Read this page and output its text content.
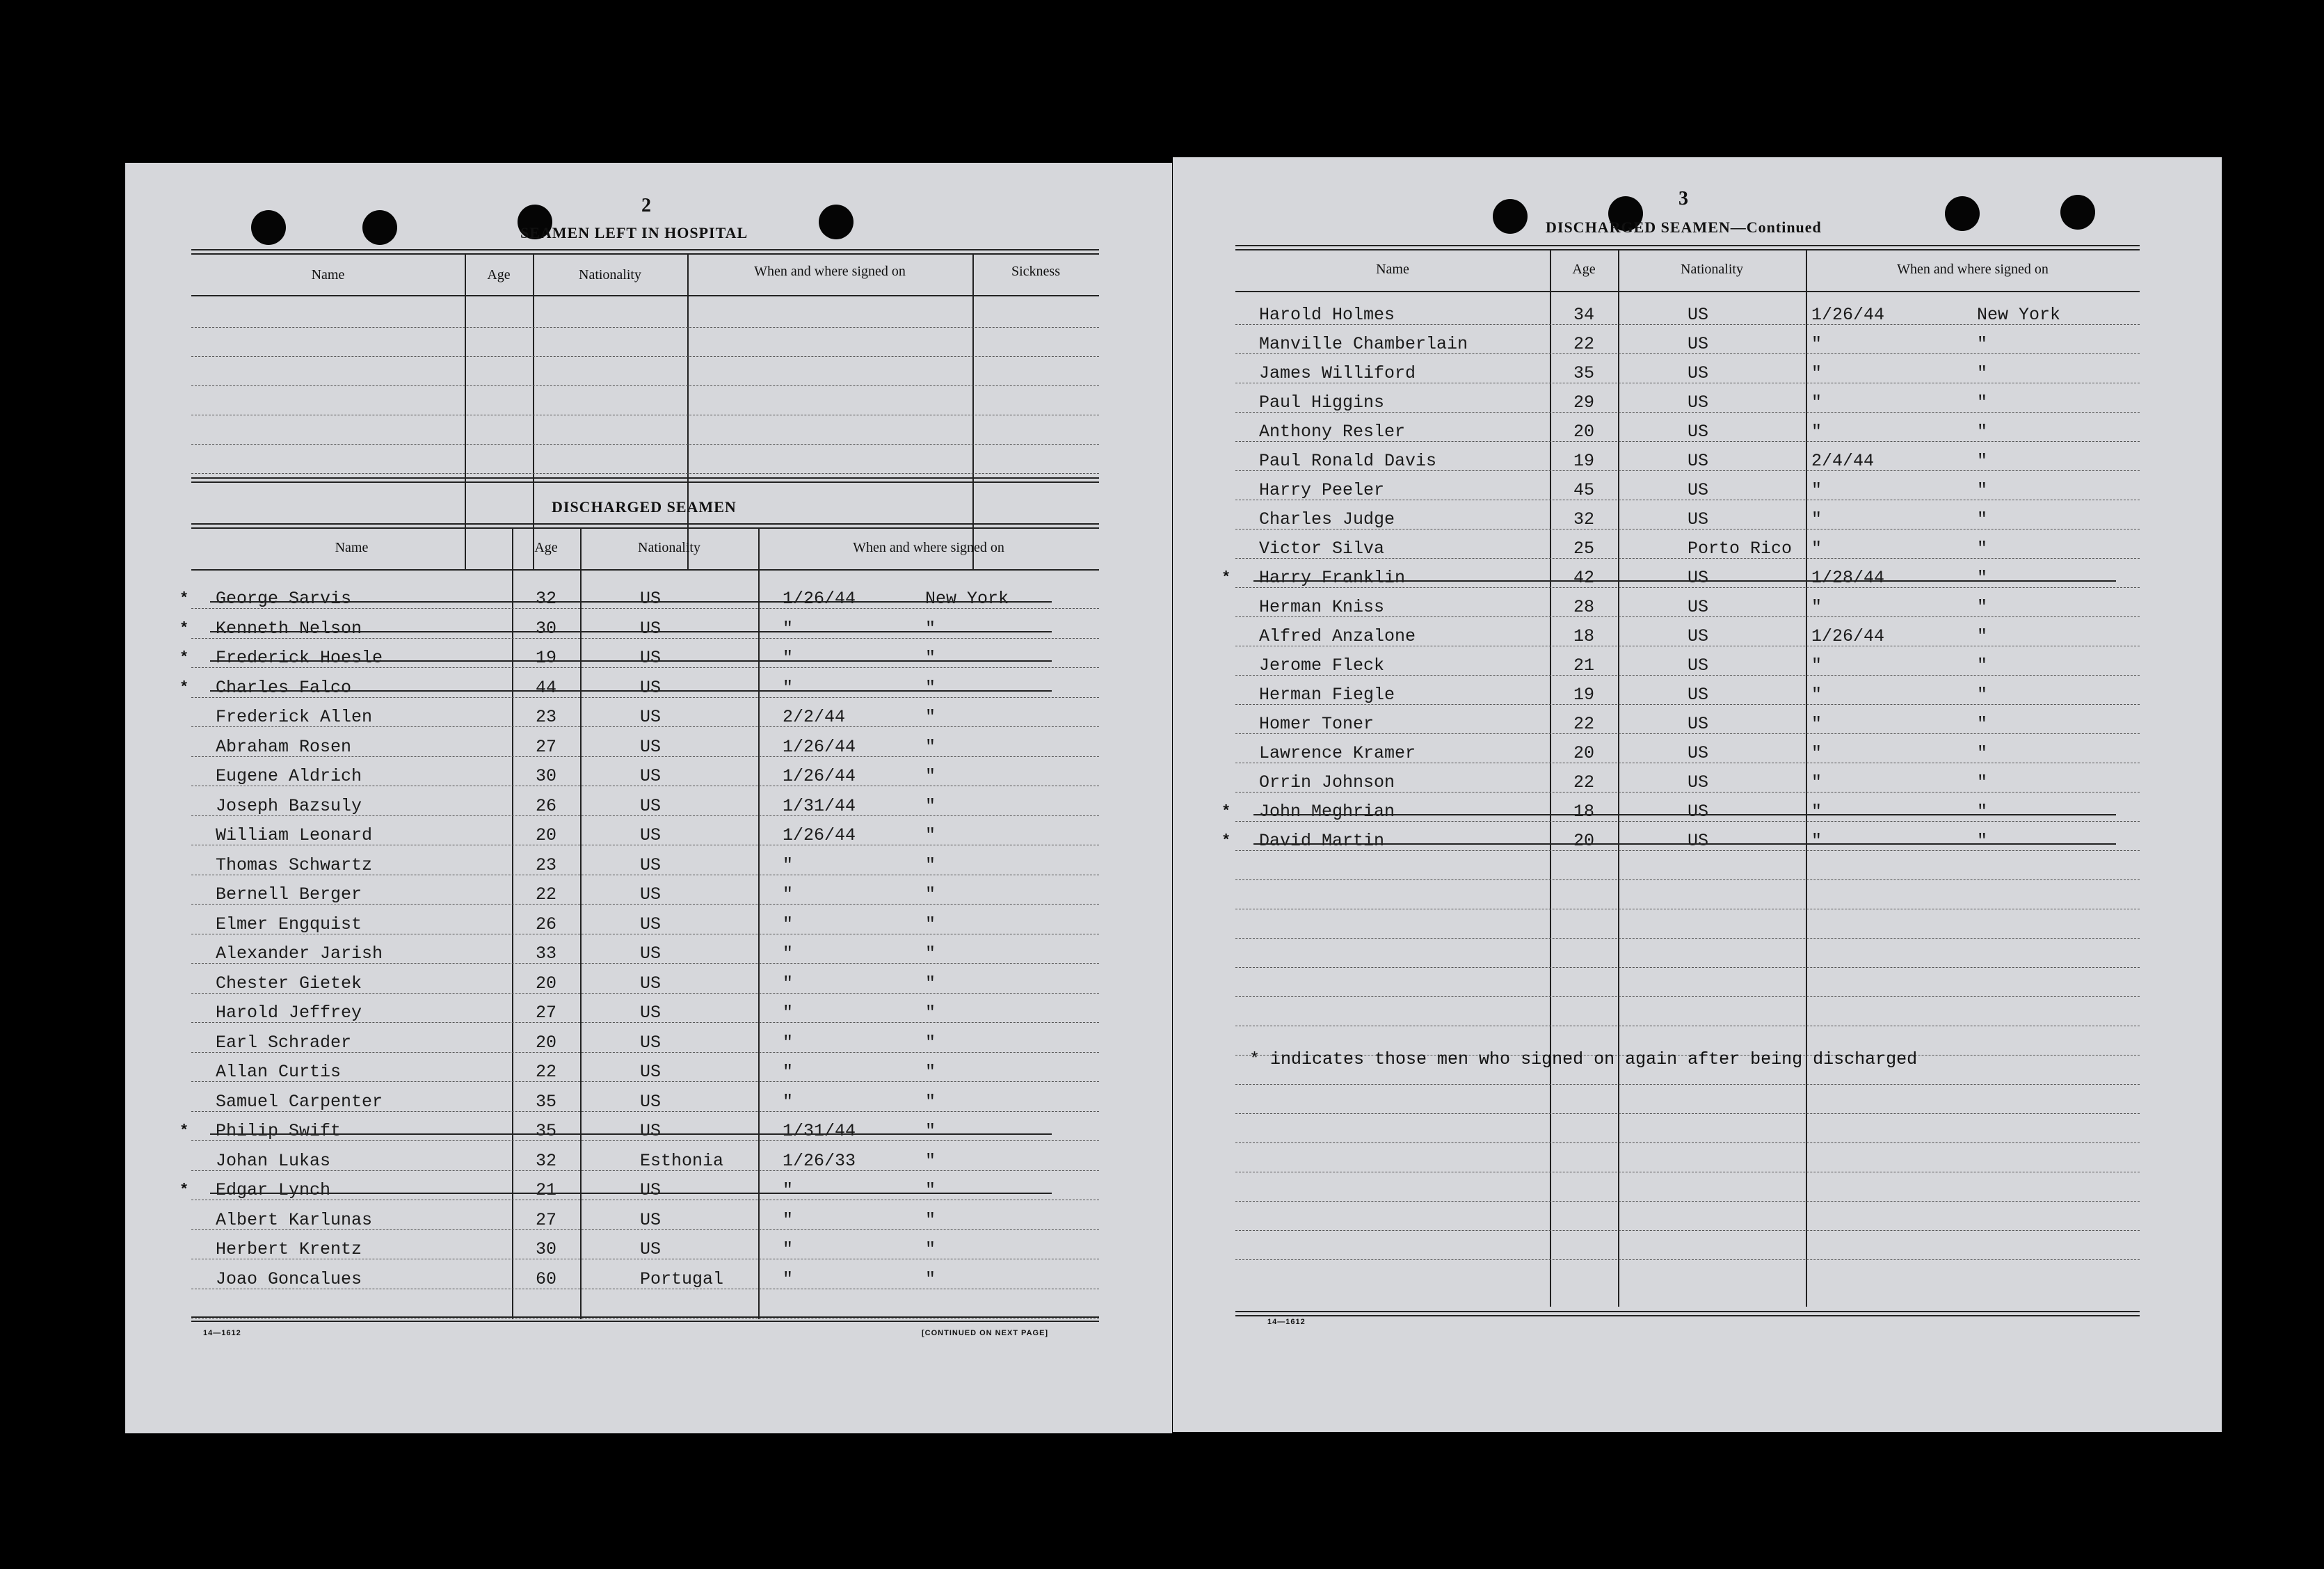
2
SEAMEN LEFT IN HOSPITAL
Name	Age	Nationality	When and where signed on	Sickness
DISCHARGED SEAMEN
Name	Age	Nationality	When and where signed on
* George Sarvis	32	US	1/26/44	New York
* Kenneth Nelson	30	US	"	"
* Frederick Hoesle	19	US	"	"
* Charles Falco	44	US	"	"
Frederick Allen	23	US	2/2/44	"
Abraham Rosen	27	US	1/26/44	"
Eugene Aldrich	30	US	1/26/44	"
Joseph Bazsuly	26	US	1/31/44	"
William Leonard	20	US	1/26/44	"
Thomas Schwartz	23	US	"	"
Bernell Berger	22	US	"	"
Elmer Engquist	26	US	"	"
Alexander Jarish	33	US	"	"
Chester Gietek	20	US	"	"
Harold Jeffrey	27	US	"	"
Earl Schrader	20	US	"	"
Allan Curtis	22	US	"	"
Samuel Carpenter	35	US	"	"
* Philip Swift	35	US	1/31/44	"
Johan Lukas	32	Esthonia	1/26/33	"
* Edgar Lynch	21	US	"	"
Albert Karlunas	27	US	"	"
Herbert Krentz	30	US	"	"
Joao Goncalues	60	Portugal	"	"
14—1612	[CONTINUED ON NEXT PAGE]
3
DISCHARGED SEAMEN—Continued
Name	Age	Nationality	When and where signed on
Harold Holmes	34	US	1/26/44	New York
Manville Chamberlain	22	US	"	"
James Williford	35	US	"	"
Paul Higgins	29	US	"	"
Anthony Resler	20	US	"	"
Paul Ronald Davis	19	US	2/4/44	"
Harry Peeler	45	US	"	"
Charles Judge	32	US	"	"
Victor Silva	25	Porto Rico "	"
* Harry Franklin	42	US	1/28/44	"
Herman Kniss	28	US	"	"
Alfred Anzalone	18	US	1/26/44	"
Jerome Fleck	21	US	"	"
Herman Fiegle	19	US	"	"
Homer Toner	22	US	"	"
Lawrence Kramer	20	US	"	"
Orrin Johnson	22	US	"	"
* John Meghrian	18	US	"	"
* David Martin	20	US	"	"
* indicates those men who signed on again after being discharged
14—1612
